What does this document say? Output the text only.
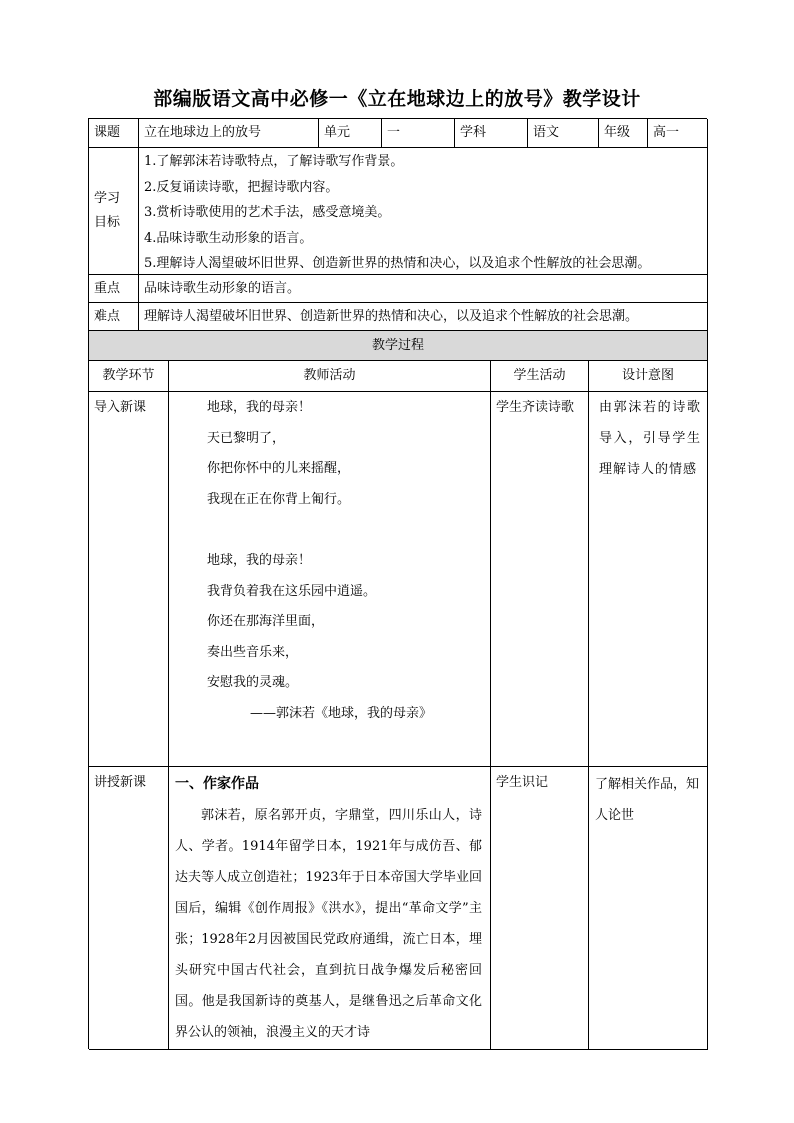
部编版语文高中必修一《立在地球边上的放号》教学设计
课题	立在地球边上的放号	单元	一	学科	语文	年级	高一
学习
目标
1.了解郭沫若诗歌特点，了解诗歌写作背景。
2.反复诵读诗歌，把握诗歌内容。
3.赏析诗歌使用的艺术手法，感受意境美。
4.品味诗歌生动形象的语言。
5.理解诗人渴望破坏旧世界、创造新世界的热情和决心，以及追求个性解放的社会思潮。
重点	品味诗歌生动形象的语言。
难点	理解诗人渴望破坏旧世界、创造新世界的热情和决心，以及追求个性解放的社会思潮。
教学过程
教学环节	教师活动	学生活动	设计意图
导入新课	地球，我的母亲！
天已黎明了，
你把你怀中的儿来摇醒，
我现在正在你背上匍行。
地球，我的母亲！
我背负着我在这乐园中逍遥。
你还在那海洋里面，
奏出些音乐来，
安慰我的灵魂。
——郭沫若《地球，我的母亲》
学生齐读诗歌	由郭沫若的诗歌导入，引导学生理解诗人的情感
讲授新课	一、作家作品
郭沫若，原名郭开贞，字鼎堂，四川乐山人，诗人、学者。1914年留学日本，1921年与成仿吾、郁达夫等人成立创造社；1923年于日本帝国大学毕业回国后，编辑《创作周报》《洪水》，提出“革命文学”主张；1928年2月因被国民党政府通缉，流亡日本，埋头研究中国古代社会，直到抗日战争爆发后秘密回国。他是我国新诗的奠基人，是继鲁迅之后革命文化界公认的领袖，浪漫主义的天才诗
学生识记	了解相关作品，知人论世
